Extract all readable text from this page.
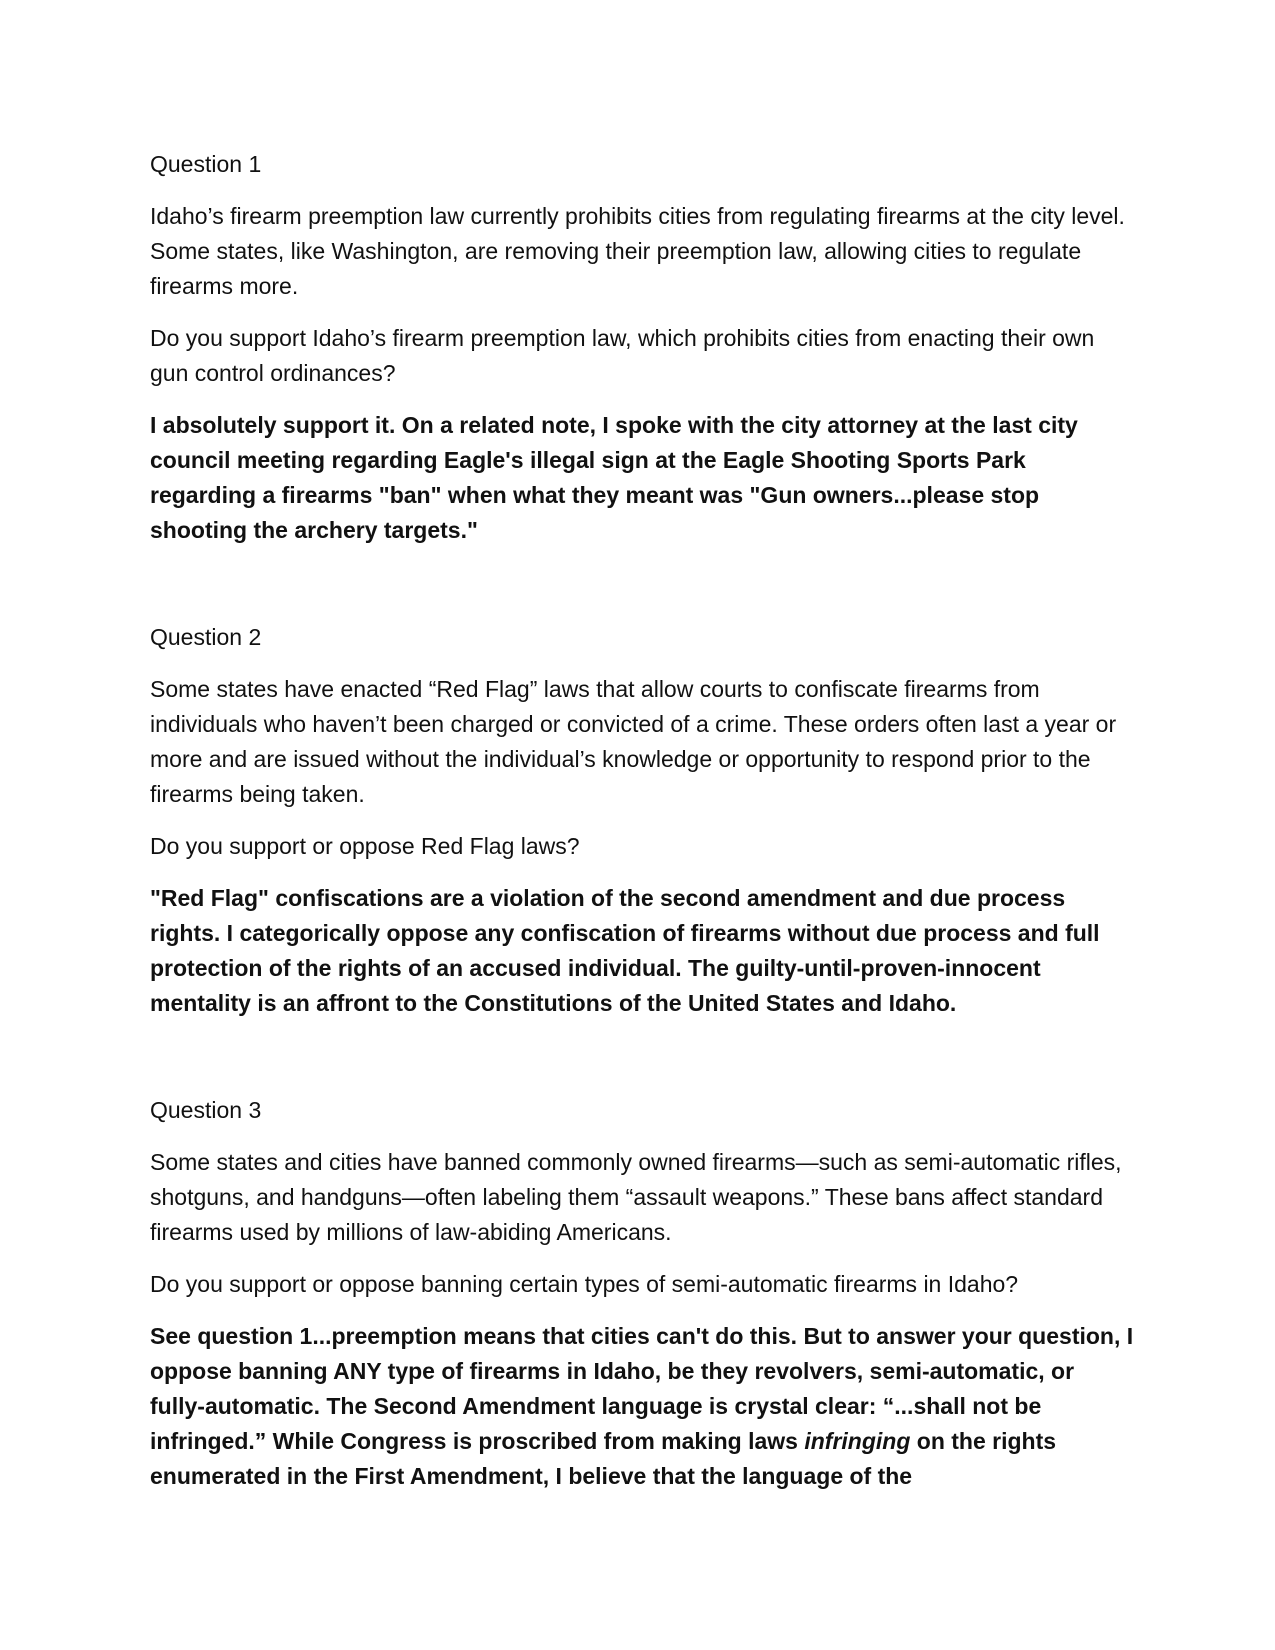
Question 1

Idaho’s firearm preemption law currently prohibits cities from regulating firearms at the city level. Some states, like Washington, are removing their preemption law, allowing cities to regulate firearms more.

Do you support Idaho’s firearm preemption law, which prohibits cities from enacting their own gun control ordinances?

I absolutely support it. On a related note, I spoke with the city attorney at the last city council meeting regarding Eagle's illegal sign at the Eagle Shooting Sports Park regarding a firearms "ban" when what they meant was "Gun owners...please stop shooting the archery targets."

Question 2

Some states have enacted “Red Flag” laws that allow courts to confiscate firearms from individuals who haven’t been charged or convicted of a crime. These orders often last a year or more and are issued without the individual’s knowledge or opportunity to respond prior to the firearms being taken.

Do you support or oppose Red Flag laws?

"Red Flag" confiscations are a violation of the second amendment and due process rights. I categorically oppose any confiscation of firearms without due process and full protection of the rights of an accused individual. The guilty-until-proven-innocent mentality is an affront to the Constitutions of the United States and Idaho.

Question 3

Some states and cities have banned commonly owned firearms—such as semi-automatic rifles, shotguns, and handguns—often labeling them “assault weapons.” These bans affect standard firearms used by millions of law-abiding Americans.

Do you support or oppose banning certain types of semi-automatic firearms in Idaho?

See question 1...preemption means that cities can't do this. But to answer your question, I oppose banning ANY type of firearms in Idaho, be they revolvers, semi-automatic, or fully-automatic. The Second Amendment language is crystal clear: “...shall not be infringed.” While Congress is proscribed from making laws infringing on the rights enumerated in the First Amendment, I believe that the language of the
